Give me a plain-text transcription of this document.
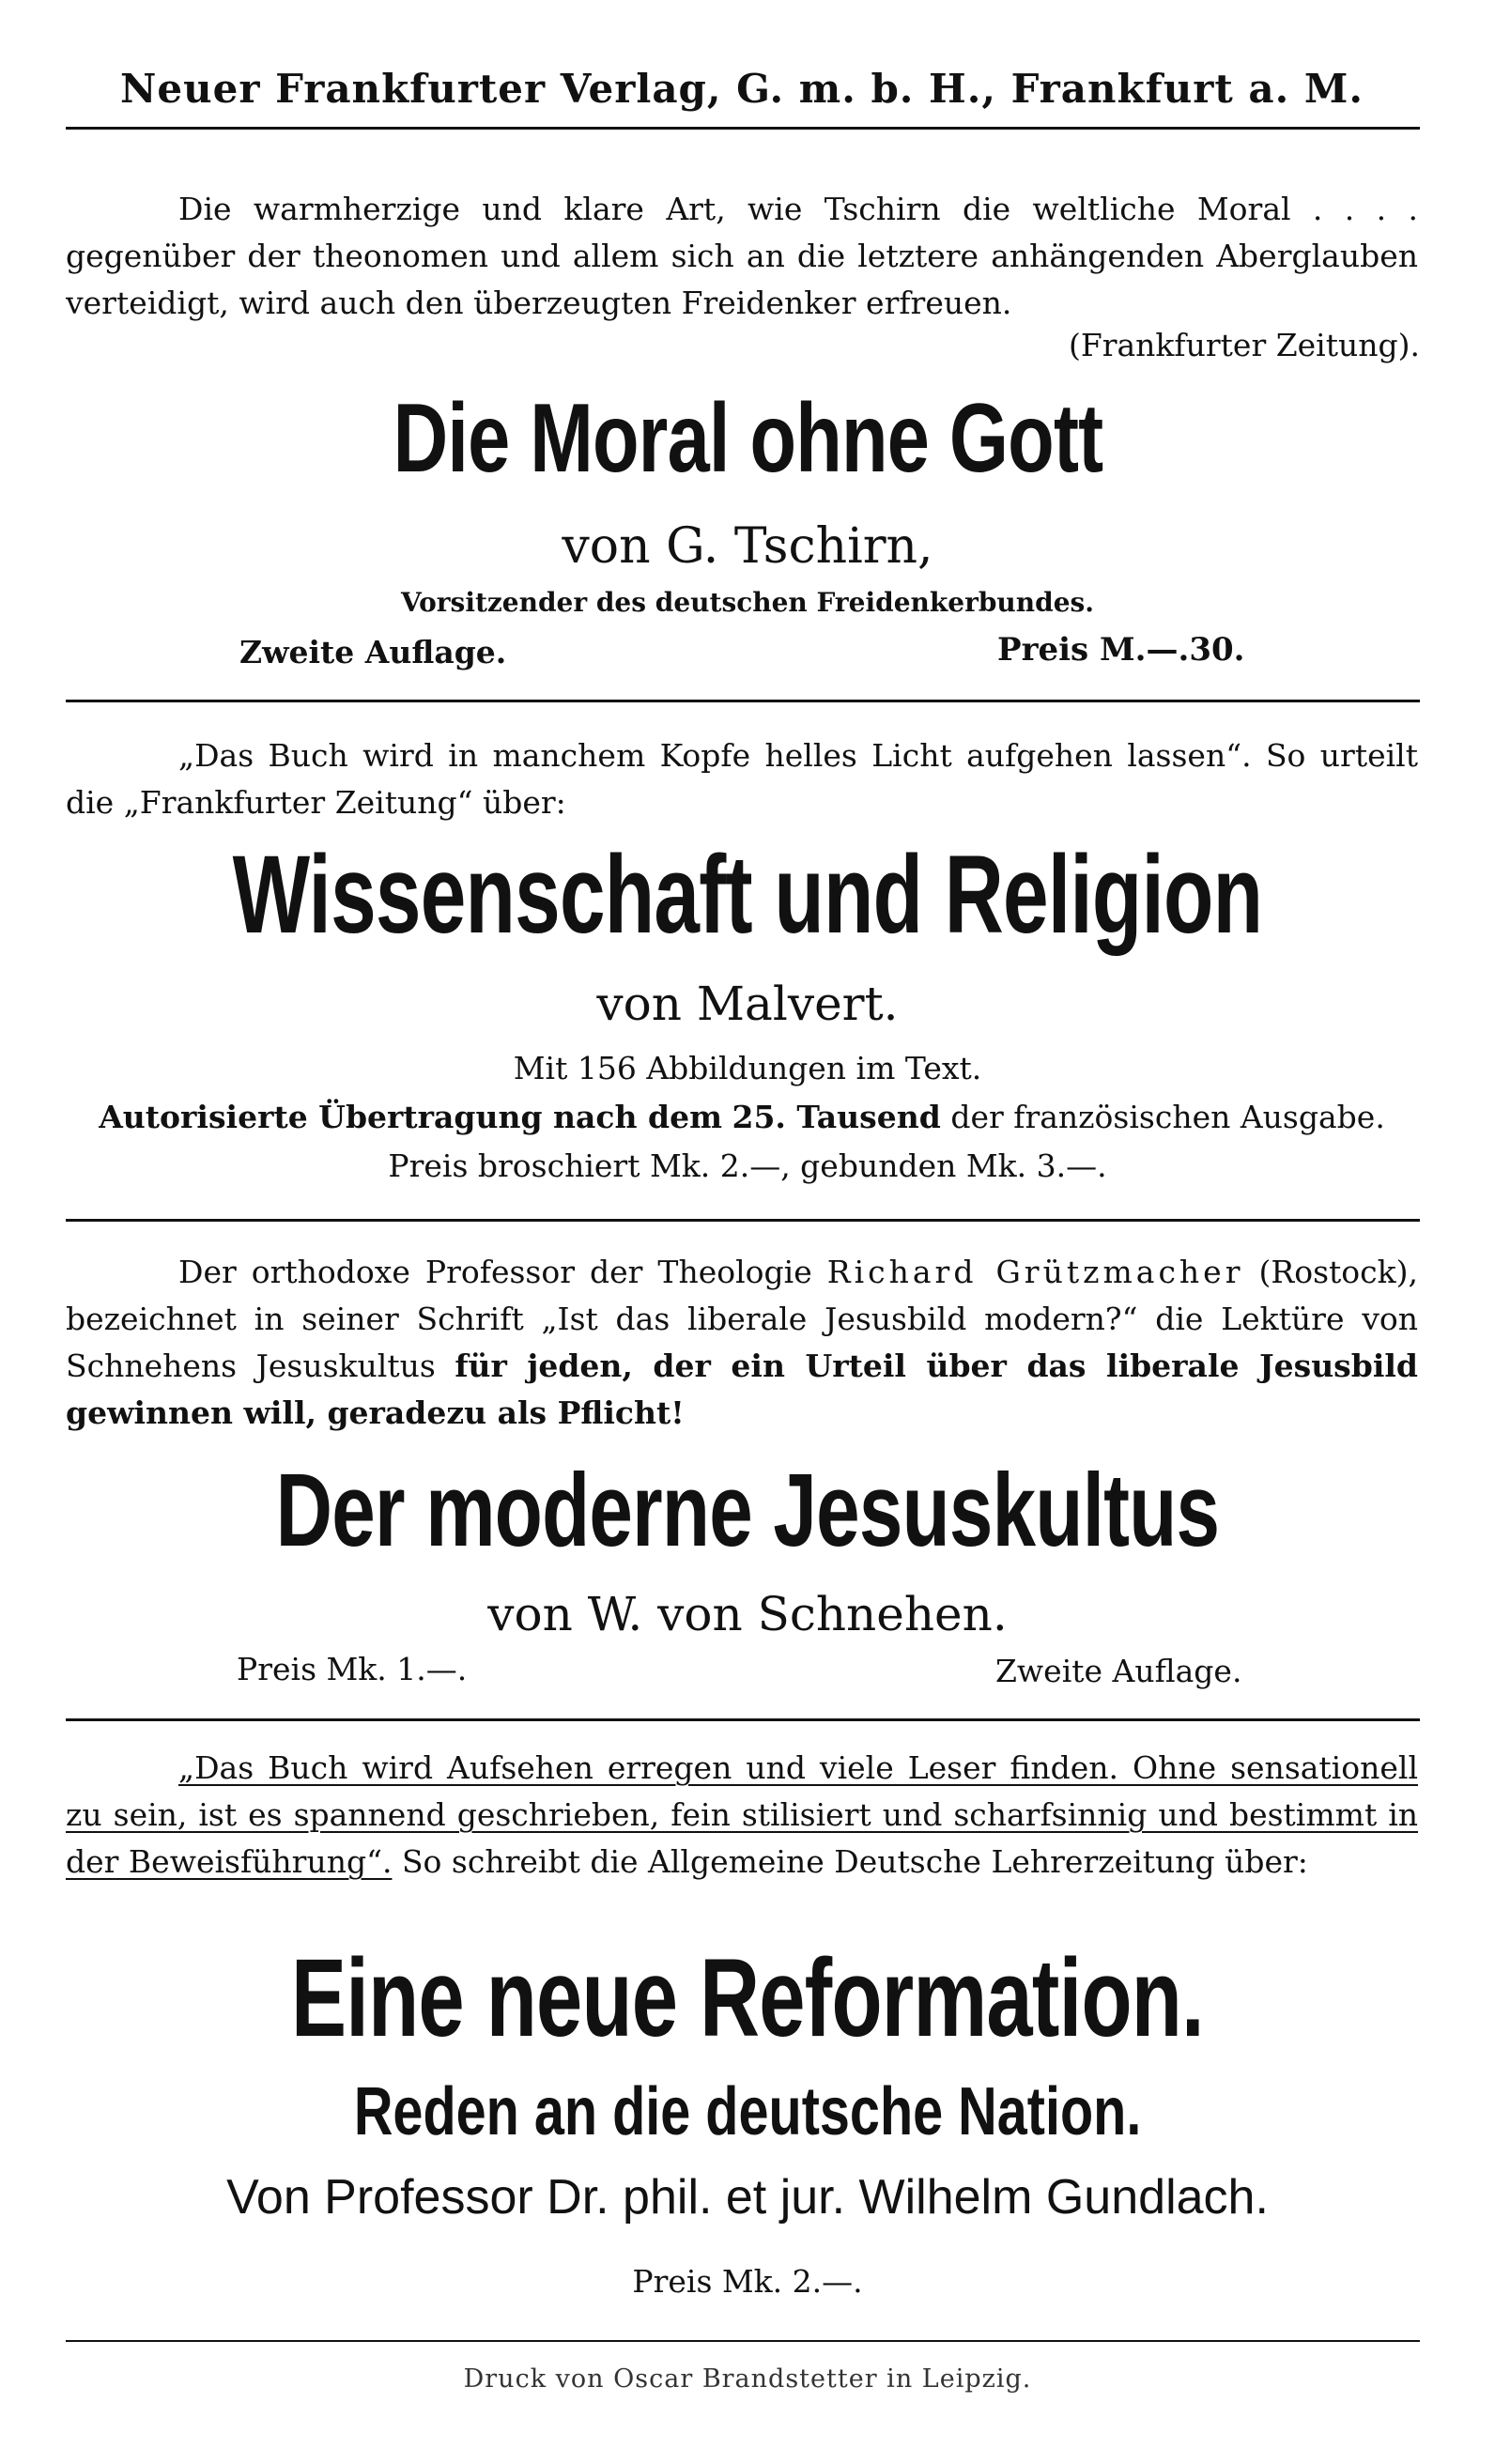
Neuer Frankfurter Verlag, G. m. b. H., Frankfurt a. M.
Die warmherzige und klare Art, wie Tschirn die weltliche Moral . . . . gegenüber der theonomen und allem sich an die letztere anhängenden Aberglauben verteidigt, wird auch den überzeugten Freidenker erfreuen.
(Frankfurter Zeitung).
Die Moral ohne Gott
von G. Tschirn,
Vorsitzender des deutschen Freidenkerbundes.
Zweite Auflage.	Preis M.—.30.
„Das Buch wird in manchem Kopfe helles Licht aufgehen lassen“. So urteilt die „Frankfurter Zeitung“ über:
Wissenschaft und Religion
von Malvert.
Mit 156 Abbildungen im Text.
Autorisierte Übertragung nach dem 25. Tausend der französischen Ausgabe.
Preis broschiert Mk. 2.—, gebunden Mk. 3.—.
Der orthodoxe Professor der Theologie Richard Grützmacher (Rostock), bezeichnet in seiner Schrift „Ist das liberale Jesusbild modern?“ die Lektüre von Schnehens Jesuskultus für jeden, der ein Urteil über das liberale Jesusbild gewinnen will, geradezu als Pflicht!
Der moderne Jesuskultus
von W. von Schnehen.
Preis Mk. 1.—.	Zweite Auflage.
„Das Buch wird Aufsehen erregen und viele Leser finden. Ohne sensationell zu sein, ist es spannend geschrieben, fein stilisiert und scharfsinnig und bestimmt in der Beweisführung“. So schreibt die Allgemeine Deutsche Lehrerzeitung über:
Eine neue Reformation.
Reden an die deutsche Nation.
Von Professor Dr. phil. et jur. Wilhelm Gundlach.
Preis Mk. 2.—.
Druck von Oscar Brandstetter in Leipzig.
